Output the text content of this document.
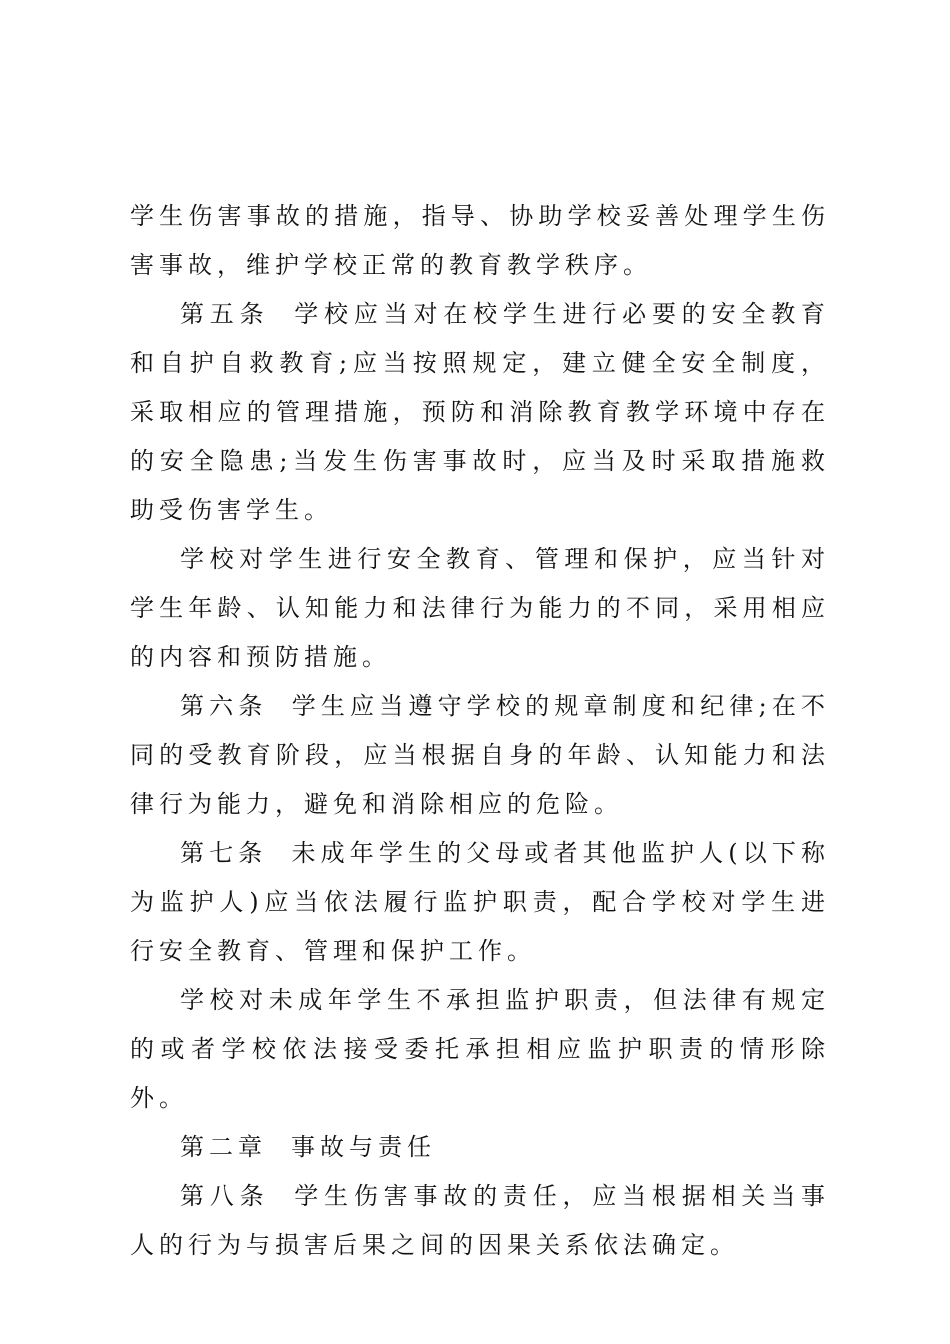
学生伤害事故的措施，指导、协助学校妥善处理学生伤害事故，维护学校正常的教育教学秩序。

第五条 学校应当对在校学生进行必要的安全教育和自护自救教育;应当按照规定，建立健全安全制度，采取相应的管理措施，预防和消除教育教学环境中存在的安全隐患;当发生伤害事故时，应当及时采取措施救助受伤害学生。

学校对学生进行安全教育、管理和保护，应当针对学生年龄、认知能力和法律行为能力的不同，采用相应的内容和预防措施。

第六条 学生应当遵守学校的规章制度和纪律;在不同的受教育阶段，应当根据自身的年龄、认知能力和法律行为能力，避免和消除相应的危险。

第七条 未成年学生的父母或者其他监护人(以下称为监护人)应当依法履行监护职责，配合学校对学生进行安全教育、管理和保护工作。

学校对未成年学生不承担监护职责，但法律有规定的或者学校依法接受委托承担相应监护职责的情形除外。

第二章 事故与责任

第八条 学生伤害事故的责任，应当根据相关当事人的行为与损害后果之间的因果关系依法确定。
